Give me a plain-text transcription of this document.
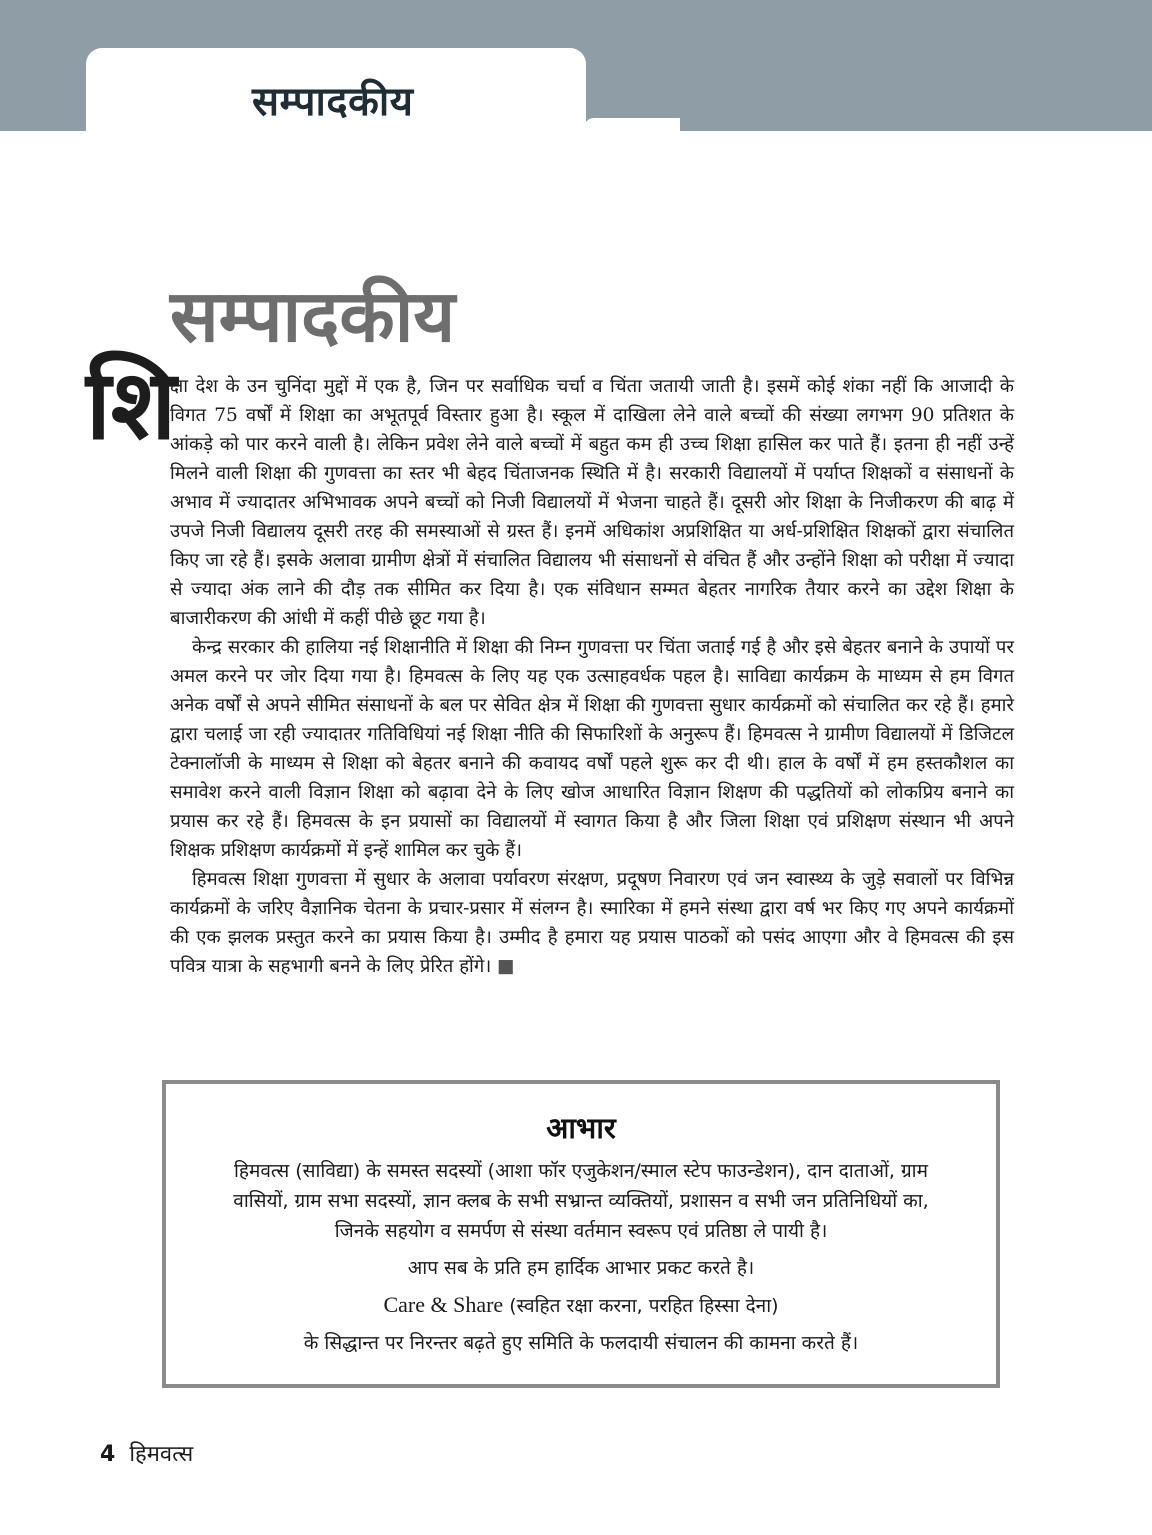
सम्पादकीय
सम्पादकीय
शि

क्षा देश के उन चुनिंदा मुद्दों में एक है, जिन पर सर्वाधिक चर्चा व चिंता जतायी जाती है। इसमें कोई शंका नहीं कि आजादी के विगत 75 वर्षों में शिक्षा का अभूतपूर्व विस्तार हुआ है। स्कूल में दाखिला लेने वाले बच्चों की संख्या लगभग 90 प्रतिशत के आंकड़े को पार करने वाली है। लेकिन प्रवेश लेने वाले बच्चों में बहुत कम ही उच्च शिक्षा हासिल कर पाते हैं। इतना ही नहीं उन्हें मिलने वाली शिक्षा की गुणवत्ता का स्तर भी बेहद चिंताजनक स्थिति में है। सरकारी विद्यालयों में पर्याप्त शिक्षकों व संसाधनों के अभाव में ज्यादातर अभिभावक अपने बच्चों को निजी विद्यालयों में भेजना चाहते हैं। दूसरी ओर शिक्षा के निजीकरण की बाढ़ में उपजे निजी विद्यालय दूसरी तरह की समस्याओं से ग्रस्त हैं। इनमें अधिकांश अप्रशिक्षित या अर्ध-प्रशिक्षित शिक्षकों द्वारा संचालित किए जा रहे हैं। इसके अलावा ग्रामीण क्षेत्रों में संचालित विद्यालय भी संसाधनों से वंचित हैं और उन्होंने शिक्षा को परीक्षा में ज्यादा से ज्यादा अंक लाने की दौड़ तक सीमित कर दिया है। एक संविधान सम्मत बेहतर नागरिक तैयार करने का उद्देश शिक्षा के बाजारीकरण की आंधी में कहीं पीछे छूट गया है।

केन्द्र सरकार की हालिया नई शिक्षानीति में शिक्षा की निम्न गुणवत्ता पर चिंता जताई गई है और इसे बेहतर बनाने के उपायों पर अमल करने पर जोर दिया गया है। हिमवत्स के लिए यह एक उत्साहवर्धक पहल है। साविद्या कार्यक्रम के माध्यम से हम विगत अनेक वर्षों से अपने सीमित संसाधनों के बल पर सेवित क्षेत्र में शिक्षा की गुणवत्ता सुधार कार्यक्रमों को संचालित कर रहे हैं। हमारे द्वारा चलाई जा रही ज्यादातर गतिविधियां नई शिक्षा नीति की सिफारिशों के अनुरूप हैं। हिमवत्स ने ग्रामीण विद्यालयों में डिजिटल टेक्नालॉजी के माध्यम से शिक्षा को बेहतर बनाने की कवायद वर्षों पहले शुरू कर दी थी। हाल के वर्षों में हम हस्तकौशल का समावेश करने वाली विज्ञान शिक्षा को बढ़ावा देने के लिए खोज आधारित विज्ञान शिक्षण की पद्धतियों को लोकप्रिय बनाने का प्रयास कर रहे हैं। हिमवत्स के इन प्रयासों का विद्यालयों में स्वागत किया है और जिला शिक्षा एवं प्रशिक्षण संस्थान भी अपने शिक्षक प्रशिक्षण कार्यक्रमों में इन्हें शामिल कर चुके हैं।

हिमवत्स शिक्षा गुणवत्ता में सुधार के अलावा पर्यावरण संरक्षण, प्रदूषण निवारण एवं जन स्वास्थ्य के जुड़े सवालों पर विभिन्न कार्यक्रमों के जरिए वैज्ञानिक चेतना के प्रचार-प्रसार में संलग्न है। स्मारिका में हमने संस्था द्वारा वर्ष भर किए गए अपने कार्यक्रमों की एक झलक प्रस्तुत करने का प्रयास किया है। उम्मीद है हमारा यह प्रयास पाठकों को पसंद आएगा और वे हिमवत्स की इस पवित्र यात्रा के सहभागी बनने के लिए प्रेरित होंगे। ■

आभार

हिमवत्स (साविद्या) के समस्त सदस्यों (आशा फॉर एजुकेशन/स्माल स्टेप फाउन्डेशन), दान दाताओं, ग्राम

वासियों, ग्राम सभा सदस्यों, ज्ञान क्लब के सभी सभ्रान्त व्यक्तियों, प्रशासन व सभी जन प्रतिनिधियों का,

जिनके सहयोग व समर्पण से संस्था वर्तमान स्वरूप एवं प्रतिष्ठा ले पायी है।

आप सब के प्रति हम हार्दिक आभार प्रकट करते है।

Care & Share (स्वहित रक्षा करना, परहित हिस्सा देना)

के सिद्धान्त पर निरन्तर बढ़ते हुए समिति के फलदायी संचालन की कामना करते हैं।

4 हिमवत्स
